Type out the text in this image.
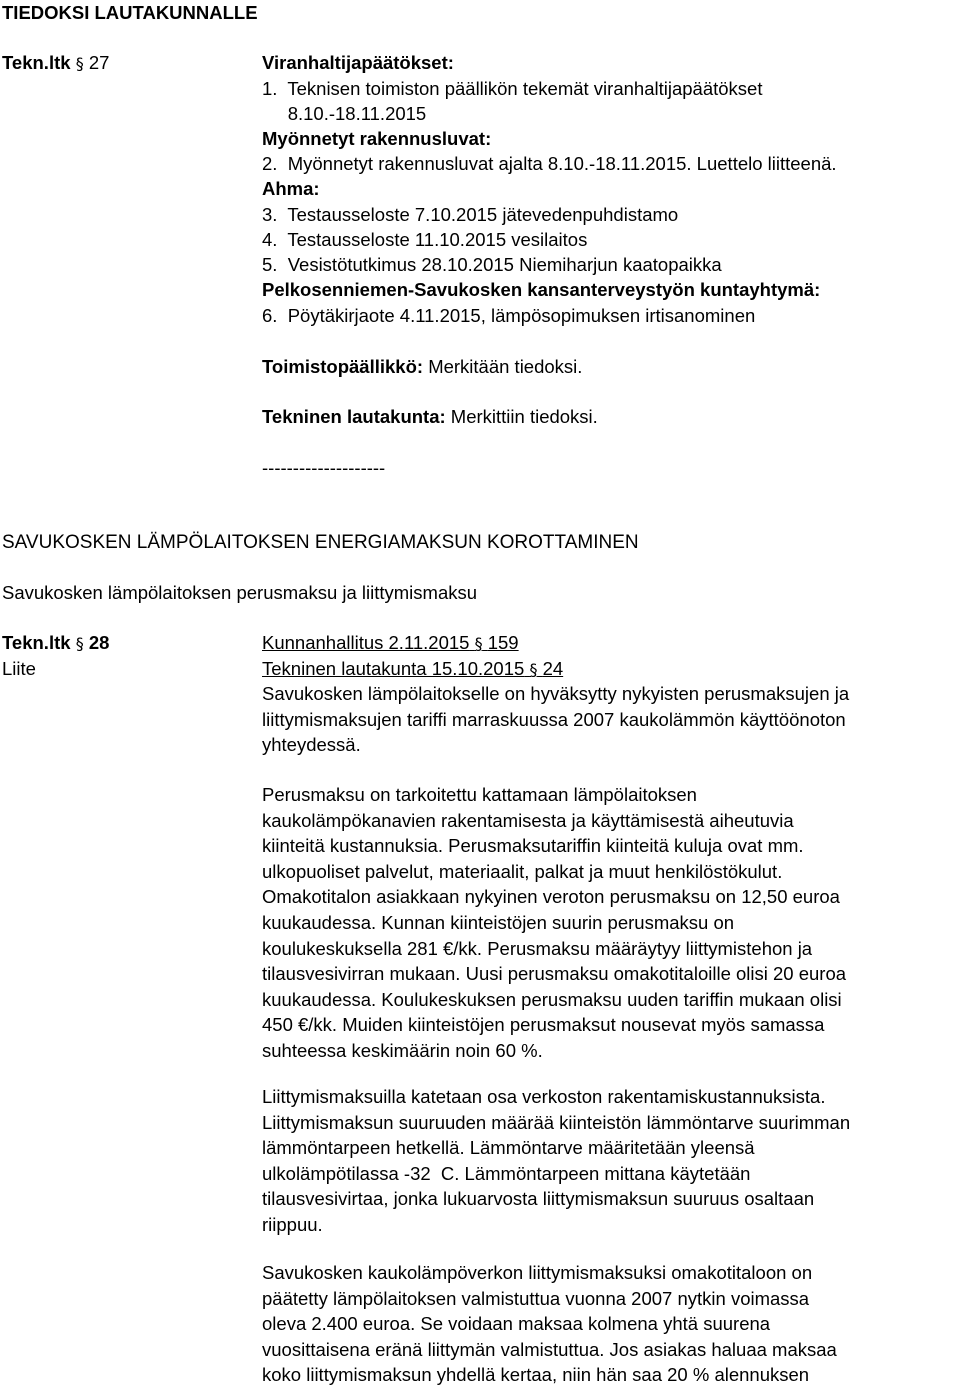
TIEDOKSI LAUTAKUNNALLE
Tekn.ltk § 27	Viranhaltijapäätökset:
1.  Teknisen toimiston päällikön tekemät viranhaltijapäätökset
8.10.-18.11.2015
Myönnetyt rakennusluvat:
2.  Myönnetyt rakennusluvat ajalta 8.10.-18.11.2015. Luettelo liitteenä.
Ahma:
3.  Testausseloste 7.10.2015 jätevedenpuhdistamo
4.  Testausseloste 11.10.2015 vesilaitos
5.  Vesistötutkimus 28.10.2015 Niemiharjun kaatopaikka
Pelkosenniemen-Savukosken kansanterveystyön kuntayhtymä:
6.  Pöytäkirjaote 4.11.2015, lämpösopimuksen irtisanominen
Toimistopäällikkö: Merkitään tiedoksi.
Tekninen lautakunta: Merkittiin tiedoksi.
--------------------
SAVUKOSKEN LÄMPÖLAITOKSEN ENERGIAMAKSUN KOROTTAMINEN
Savukosken lämpölaitoksen perusmaksu ja liittymismaksu
Tekn.ltk § 28
Liite
Kunnanhallitus 2.11.2015 § 159
Tekninen lautakunta 15.10.2015 § 24
Savukosken lämpölaitokselle on hyväksytty nykyisten perusmaksujen ja
liittymismaksujen tariffi marraskuussa 2007 kaukolämmön käyttöönoton
yhteydessä.
Perusmaksu on tarkoitettu kattamaan lämpölaitoksen
kaukolämpökanavien rakentamisesta ja käyttämisestä aiheutuvia
kiinteitä kustannuksia. Perusmaksutariffin kiinteitä kuluja ovat mm.
ulkopuoliset palvelut, materiaalit, palkat ja muut henkilöstökulut.
Omakotitalon asiakkaan nykyinen veroton perusmaksu on 12,50 euroa
kuukaudessa. Kunnan kiinteistöjen suurin perusmaksu on
koulukeskuksella 281 €/kk. Perusmaksu määräytyy liittymistehon ja
tilausvesivirran mukaan. Uusi perusmaksu omakotitaloille olisi 20 euroa
kuukaudessa. Koulukeskuksen perusmaksu uuden tariffin mukaan olisi
450 €/kk. Muiden kiinteistöjen perusmaksut nousevat myös samassa
suhteessa keskimäärin noin 60 %.
Liittymismaksuilla katetaan osa verkoston rakentamiskustannuksista.
Liittymismaksun suuruuden määrää kiinteistön lämmöntarve suurimman
lämmöntarpeen hetkellä. Lämmöntarve määritetään yleensä
ulkolämpötilassa -32  C. Lämmöntarpeen mittana käytetään
tilausvesivirtaa, jonka lukuarvosta liittymismaksun suuruus osaltaan
riippuu.
Savukosken kaukolämpöverkon liittymismaksuksi omakotitaloon on
päätetty lämpölaitoksen valmistuttua vuonna 2007 nytkin voimassa
oleva 2.400 euroa. Se voidaan maksaa kolmena yhtä suurena
vuosittaisena eränä liittymän valmistuttua. Jos asiakas haluaa maksaa
koko liittymismaksun yhdellä kertaa, niin hän saa 20 % alennuksen
